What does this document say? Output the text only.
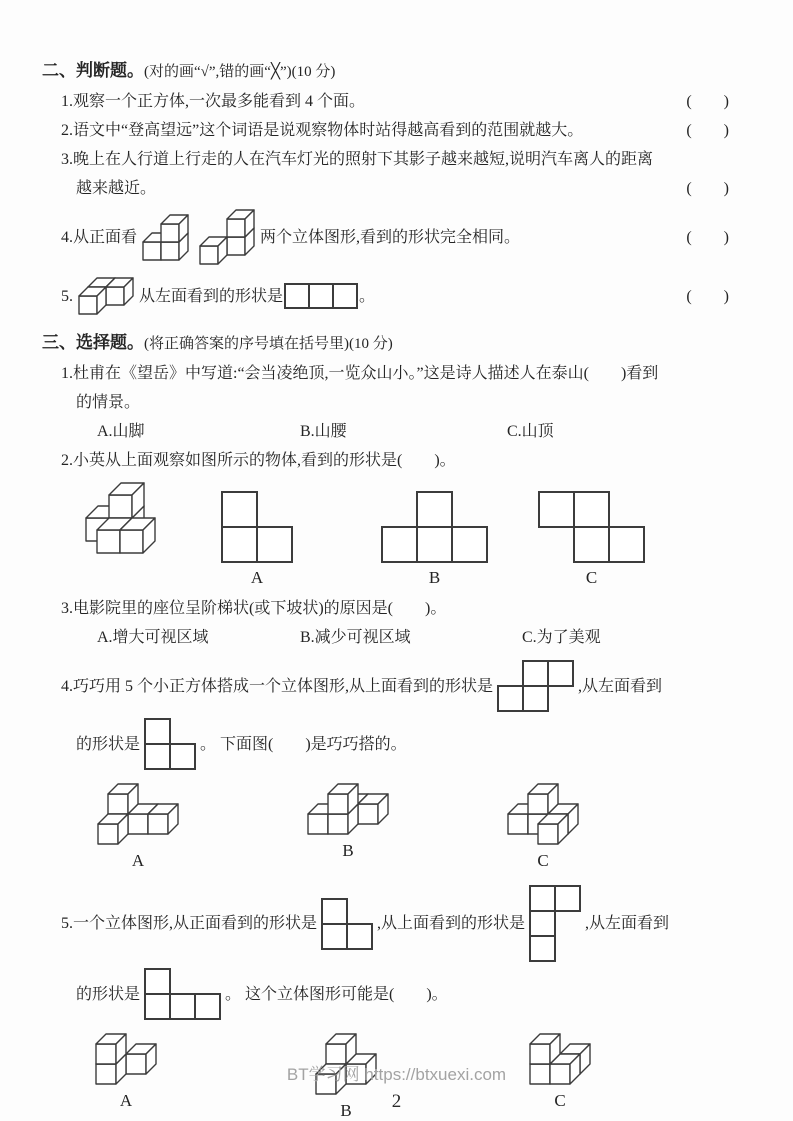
二、判断题。(对的画“√”,错的画“╳”)(10 分)
1.观察一个正方体,一次最多能看到 4 个面。	(　　)
2.语文中“登高望远”这个词语是说观察物体时站得越高看到的范围就越大。	(　　)
3.晚上在人行道上行走的人在汽车灯光的照射下其影子越来越短,说明汽车离人的距离
越来越近。	(　　)
4.从正面看	两个立体图形,看到的形状完全相同。	(　　)
5.	从左面看到的形状是	。	(　　)
三、选择题。(将正确答案的序号填在括号里)(10 分)
1.杜甫在《望岳》中写道:“会当凌绝顶,一览众山小。”这是诗人描述人在泰山(　　)看到
的情景。
A.山脚	B.山腰	C.山顶
2.小英从上面观察如图所示的物体,看到的形状是(　　)。
A	B	C
3.电影院里的座位呈阶梯状(或下坡状)的原因是(　　)。
A.增大可视区域	B.减少可视区域	C.为了美观
4.巧巧用 5 个小正方体搭成一个立体图形,从上面看到的形状是	,从左面看到
的形状是	。 下面图(　　)是巧巧搭的。
A
B
C
5.一个立体图形,从正面看到的形状是	,从上面看到的形状是	,从左面看到
的形状是	。 这个立体图形可能是(　　)。
A
B
C
BT学习网 https://btxuexi.com
2
